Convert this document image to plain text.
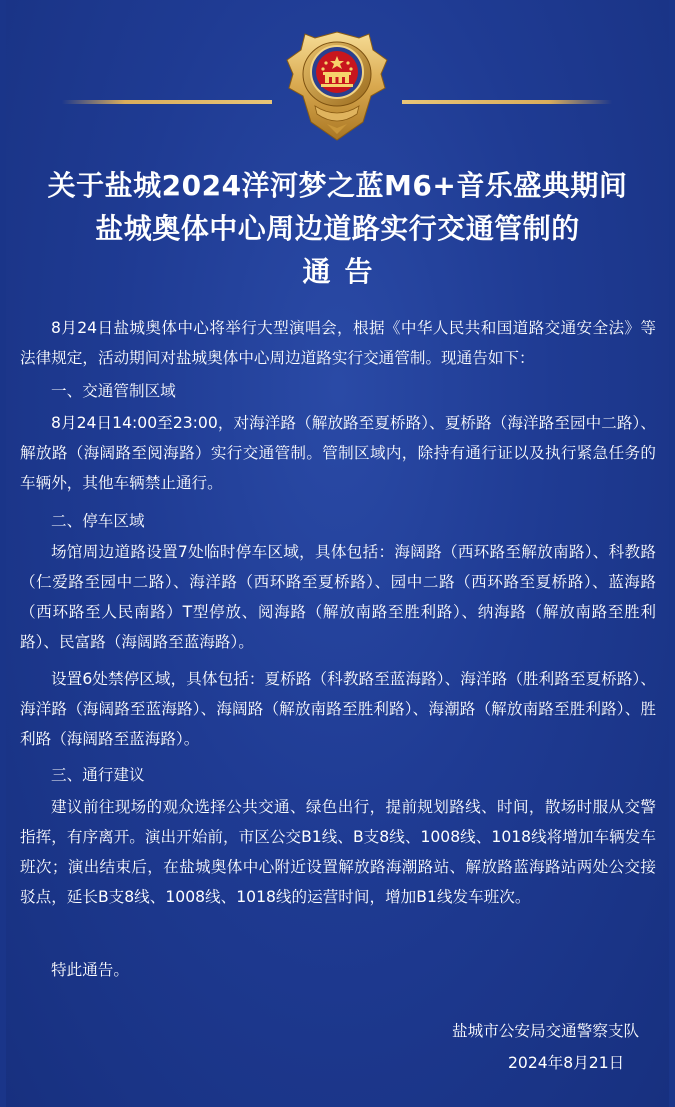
关于盐城2024洋河梦之蓝M6+音乐盛典期间
盐城奥体中心周边道路实行交通管制的
通告

8月24日盐城奥体中心将举行大型演唱会，根据《中华人民共和国道路交通安全法》等法律规定，活动期间对盐城奥体中心周边道路实行交通管制。现通告如下：

一、交通管制区域

8月24日14:00至23:00，对海洋路（解放路至夏桥路）、夏桥路（海洋路至园中二路）、解放路（海阔路至阅海路）实行交通管制。管制区域内，除持有通行证以及执行紧急任务的车辆外，其他车辆禁止通行。

二、停车区域

场馆周边道路设置7处临时停车区域，具体包括：海阔路（西环路至解放南路）、科教路（仁爱路至园中二路）、海洋路（西环路至夏桥路）、园中二路（西环路至夏桥路）、蓝海路（西环路至人民南路）T型停放、阅海路（解放南路至胜利路）、纳海路（解放南路至胜利路）、民富路（海阔路至蓝海路）。

设置6处禁停区域，具体包括：夏桥路（科教路至蓝海路）、海洋路（胜利路至夏桥路）、海洋路（海阔路至蓝海路）、海阔路（解放南路至胜利路）、海潮路（解放南路至胜利路）、胜利路（海阔路至蓝海路）。

三、通行建议

建议前往现场的观众选择公共交通、绿色出行，提前规划路线、时间，散场时服从交警指挥，有序离开。演出开始前，市区公交B1线、B支8线、1008线、1018线将增加车辆发车班次；演出结束后，在盐城奥体中心附近设置解放路海潮路站、解放路蓝海路站两处公交接驳点，延长B支8线、1008线、1018线的运营时间，增加B1线发车班次。

特此通告。
盐城市公安局交通警察支队
2024年8月21日
